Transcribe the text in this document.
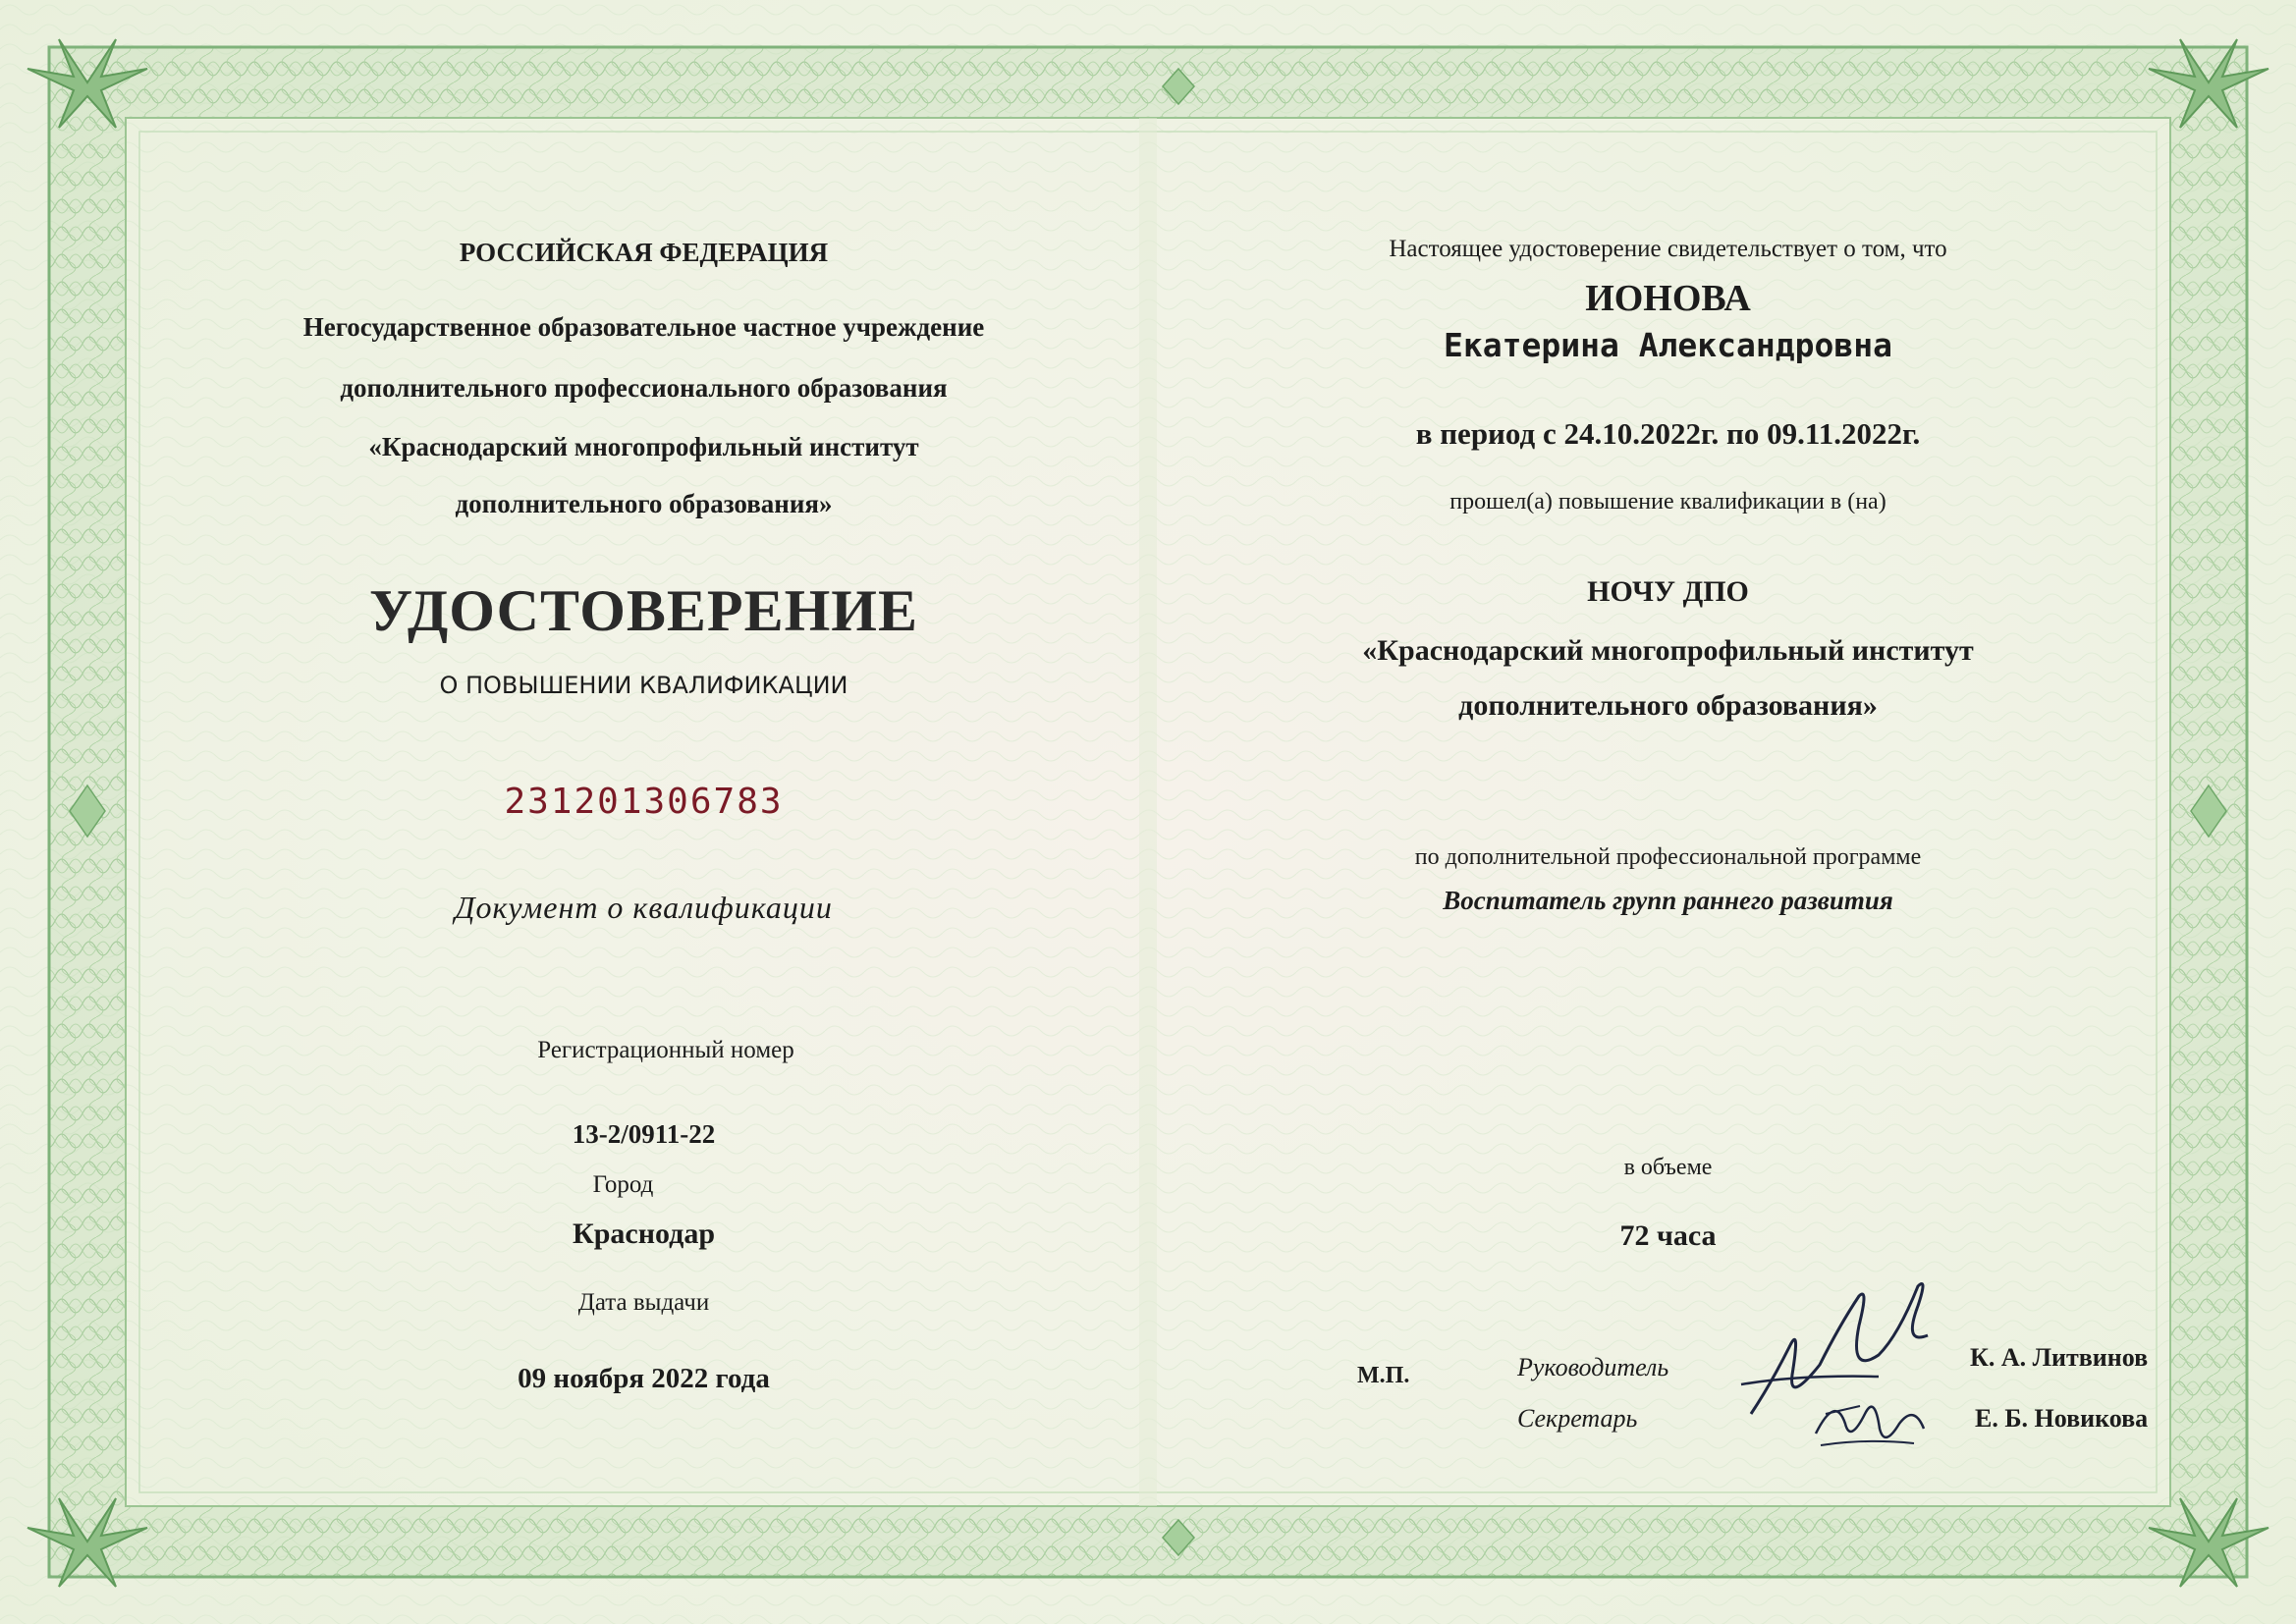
РОССИЙСКАЯ ФЕДЕРАЦИЯ
Негосударственное образовательное частное учреждение
дополнительного профессионального образования
«Краснодарский многопрофильный институт
дополнительного образования»
УДОСТОВЕРЕНИЕ
О ПОВЫШЕНИИ КВАЛИФИКАЦИИ
231201306783
Документ о квалификации
Регистрационный номер
13-2/0911-22
Город
Краснодар
Дата выдачи
09 ноября 2022 года
Настоящее удостоверение свидетельствует о том, что
ИОНОВА
Екатерина Александровна
в период с 24.10.2022г. по 09.11.2022г.
прошел(а) повышение квалификации в (на)
НОЧУ ДПО
«Краснодарский многопрофильный институт
дополнительного образования»
по дополнительной профессиональной программе
Воспитатель групп раннего развития
в объеме
72 часа
М.П.	Руководитель	К. А. Литвинов
Секретарь	Е. Б. Новикова
